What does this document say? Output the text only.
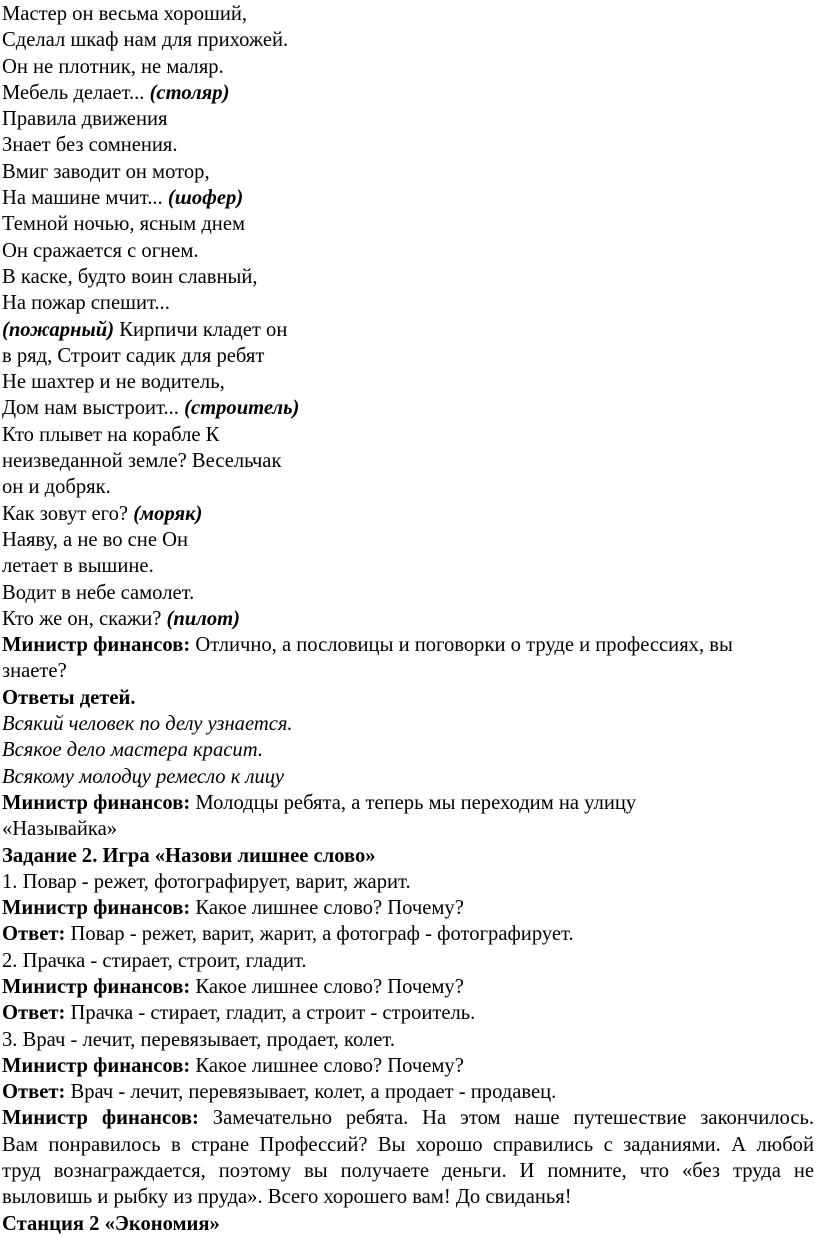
Мастер он весьма хороший,
Сделал шкаф нам для прихожей.
Он не плотник, не маляр.
Мебель делает... (столяр)
Правила движения
Знает без сомнения.
Вмиг заводит он мотор,
На машине мчит... (шофер)
Темной ночью, ясным днем
Он сражается с огнем.
В каске, будто воин славный,
На пожар спешит...
(пожарный) Кирпичи кладет он
в ряд, Строит садик для ребят
Не шахтер и не водитель,
Дом нам выстроит... (строитель)
Кто плывет на корабле К
неизведанной земле? Весельчак
он и добряк.
Как зовут его? (моряк)
Наяву, а не во сне Он
летает в вышине.
Водит в небе самолет.
Кто же он, скажи? (пилот)
Министр финансов: Отлично, а пословицы и поговорки о труде и профессиях, вы
знаете?
Ответы детей.
Всякий человек по делу узнается.
Всякое дело мастера красит.
Всякому молодцу ремесло к лицу
Министр финансов: Молодцы ребята, а теперь мы переходим на улицу
«Называйка»
Задание 2. Игра «Назови лишнее слово»
1. Повар - режет, фотографирует, варит, жарит.
Министр финансов: Какое лишнее слово? Почему?
Ответ: Повар - режет, варит, жарит, а фотограф - фотографирует.
2. Прачка - стирает, строит, гладит.
Министр финансов: Какое лишнее слово? Почему?
Ответ: Прачка - стирает, гладит, а строит - строитель.
3. Врач - лечит, перевязывает, продает, колет.
Министр финансов: Какое лишнее слово? Почему?
Ответ: Врач - лечит, перевязывает, колет, а продает - продавец.
Министр финансов: Замечательно ребята. На этом наше путешествие закончилось.
Вам понравилось в стране Профессий? Вы хорошо справились с заданиями. А любой
труд вознаграждается, поэтому вы получаете деньги. И помните, что «без труда не
выловишь и рыбку из пруда». Всего хорошего вам! До свиданья!
Станция 2 «Экономия»
